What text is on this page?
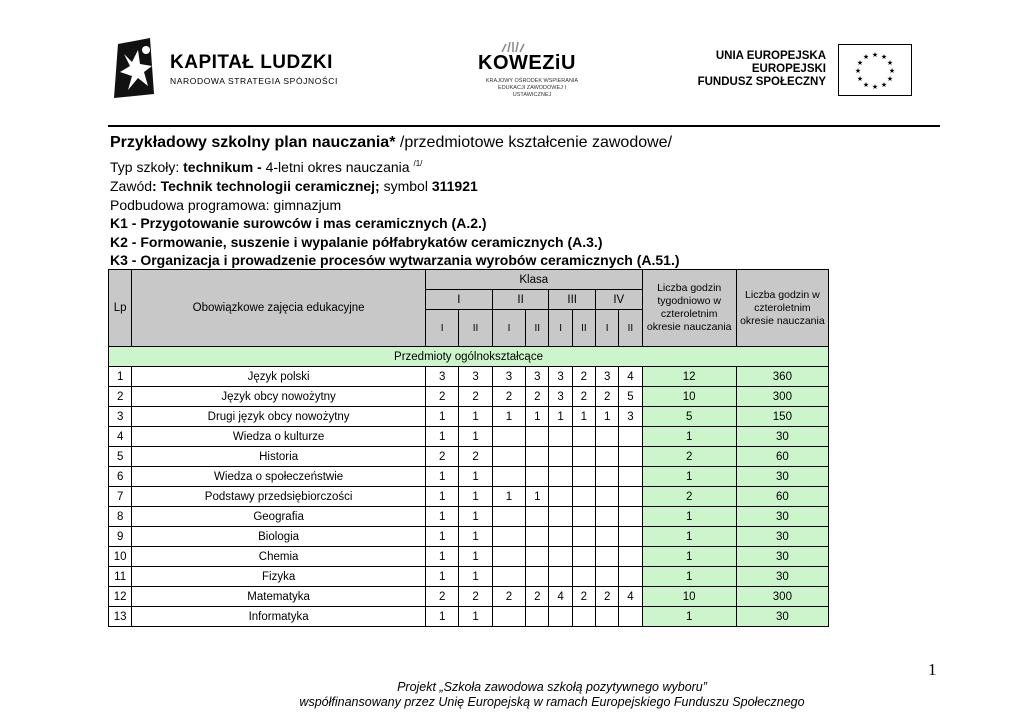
KAPITAŁ LUDZKI
NARODOWA STRATEGIA SPÓJNOŚCI
KOWEZiU
KRAJOWY OŚRODEK WSPIERANIA EDUKACJI ZAWODOWEJ I USTAWICZNEJ
UNIA EUROPEJSKA
EUROPEJSKI
FUNDUSZ SPOŁECZNY
★ ★
★
★
★
★
★
★
★
★
★
★
Przykładowy szkolny plan nauczania* /przedmiotowe kształcenie zawodowe/
Typ szkoły: technikum - 4-letni okres nauczania $^{/1/}$
Zawód: Technik technologii ceramicznej; symbol 311921
Podbudowa programowa: gimnazjum
K1 - Przygotowanie surowców i mas ceramicznych (A.2.)
K2 - Formowanie, suszenie i wypalanie półfabrykatów ceramicznych (A.3.)
K3 - Organizacja i prowadzenie procesów wytwarzania wyrobów ceramicznych (A.51.)
Lp	Obowiązkowe zajęcia edukacyjne	Klasa								Liczba godzin tygodniowo w czteroletnim okresie nauczania	Liczba godzin w czteroletnim okresie nauczania
		I		II		III		IV			
		I	II	I	II	I	II	I	II		
Przedmioty ogólnokształcące											
1	Język polski	3	3	3	3	3	2	3	4	12	360
2	Język obcy nowożytny	2	2	2	2	3	2	2	5	10	300
3	Drugi język obcy nowożytny	1	1	1	1	1	1	1	3	5	150
4	Wiedza o kulturze	1	1							1	30
5	Historia	2	2							2	60
6	Wiedza o społeczeństwie	1	1							1	30
7	Podstawy przedsiębiorczości	1	1	1	1					2	60
8	Geografia	1	1							1	30
9	Biologia	1	1							1	30
10	Chemia	1	1							1	30
11	Fizyka	1	1							1	30
12	Matematyka	2	2	2	2	4	2	2	4	10	300
13	Informatyka	1	1							1	30
1
Projekt „Szkoła zawodowa szkołą pozytywnego wyboru”
współfinansowany przez Unię Europejską w ramach Europejskiego Funduszu Społecznego
